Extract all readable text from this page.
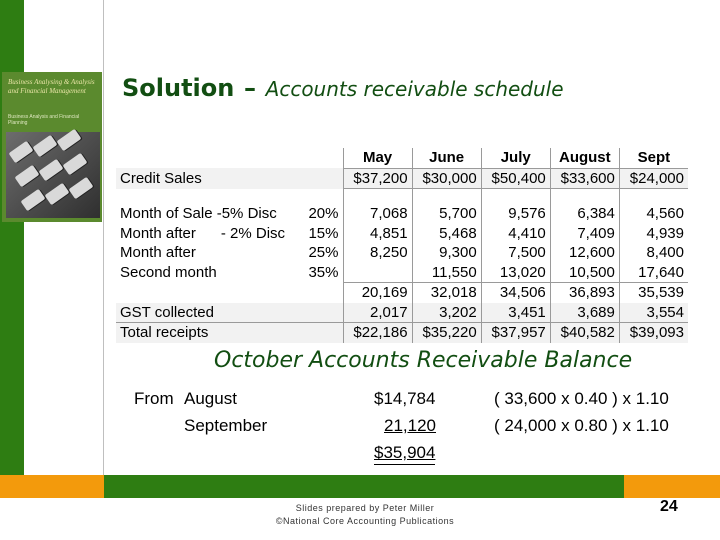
Business Analysing & Analysis
and Financial Management
Business Analysis and Financial Planning
Solution – Accounts receivable schedule
		May	June	July	August	Sept
Credit Sales		$37,200	$30,000	$50,400	$33,600	$24,000

Month of Sale -5% Disc	20%	7,068	5,700	9,576	6,384	4,560
Month after      - 2% Disc	15%	4,851	5,468	4,410	7,409	4,939
Month after	25%	8,250	9,300	7,500	12,600	8,400
Second month	35%		11,550	13,020	10,500	17,640
		20,169	32,018	34,506	36,893	35,539
GST collected		2,017	3,202	3,451	3,689	3,554
Total receipts		$22,186	$35,220	$37,957	$40,582	$39,093
October Accounts Receivable Balance
From August	$14,784	( 33,600 x 0.40 ) x 1.10
September	21,120	( 24,000 x 0.80 ) x 1.10
$35,904
Slides prepared by Peter Miller
©National Core Accounting Publications
24
